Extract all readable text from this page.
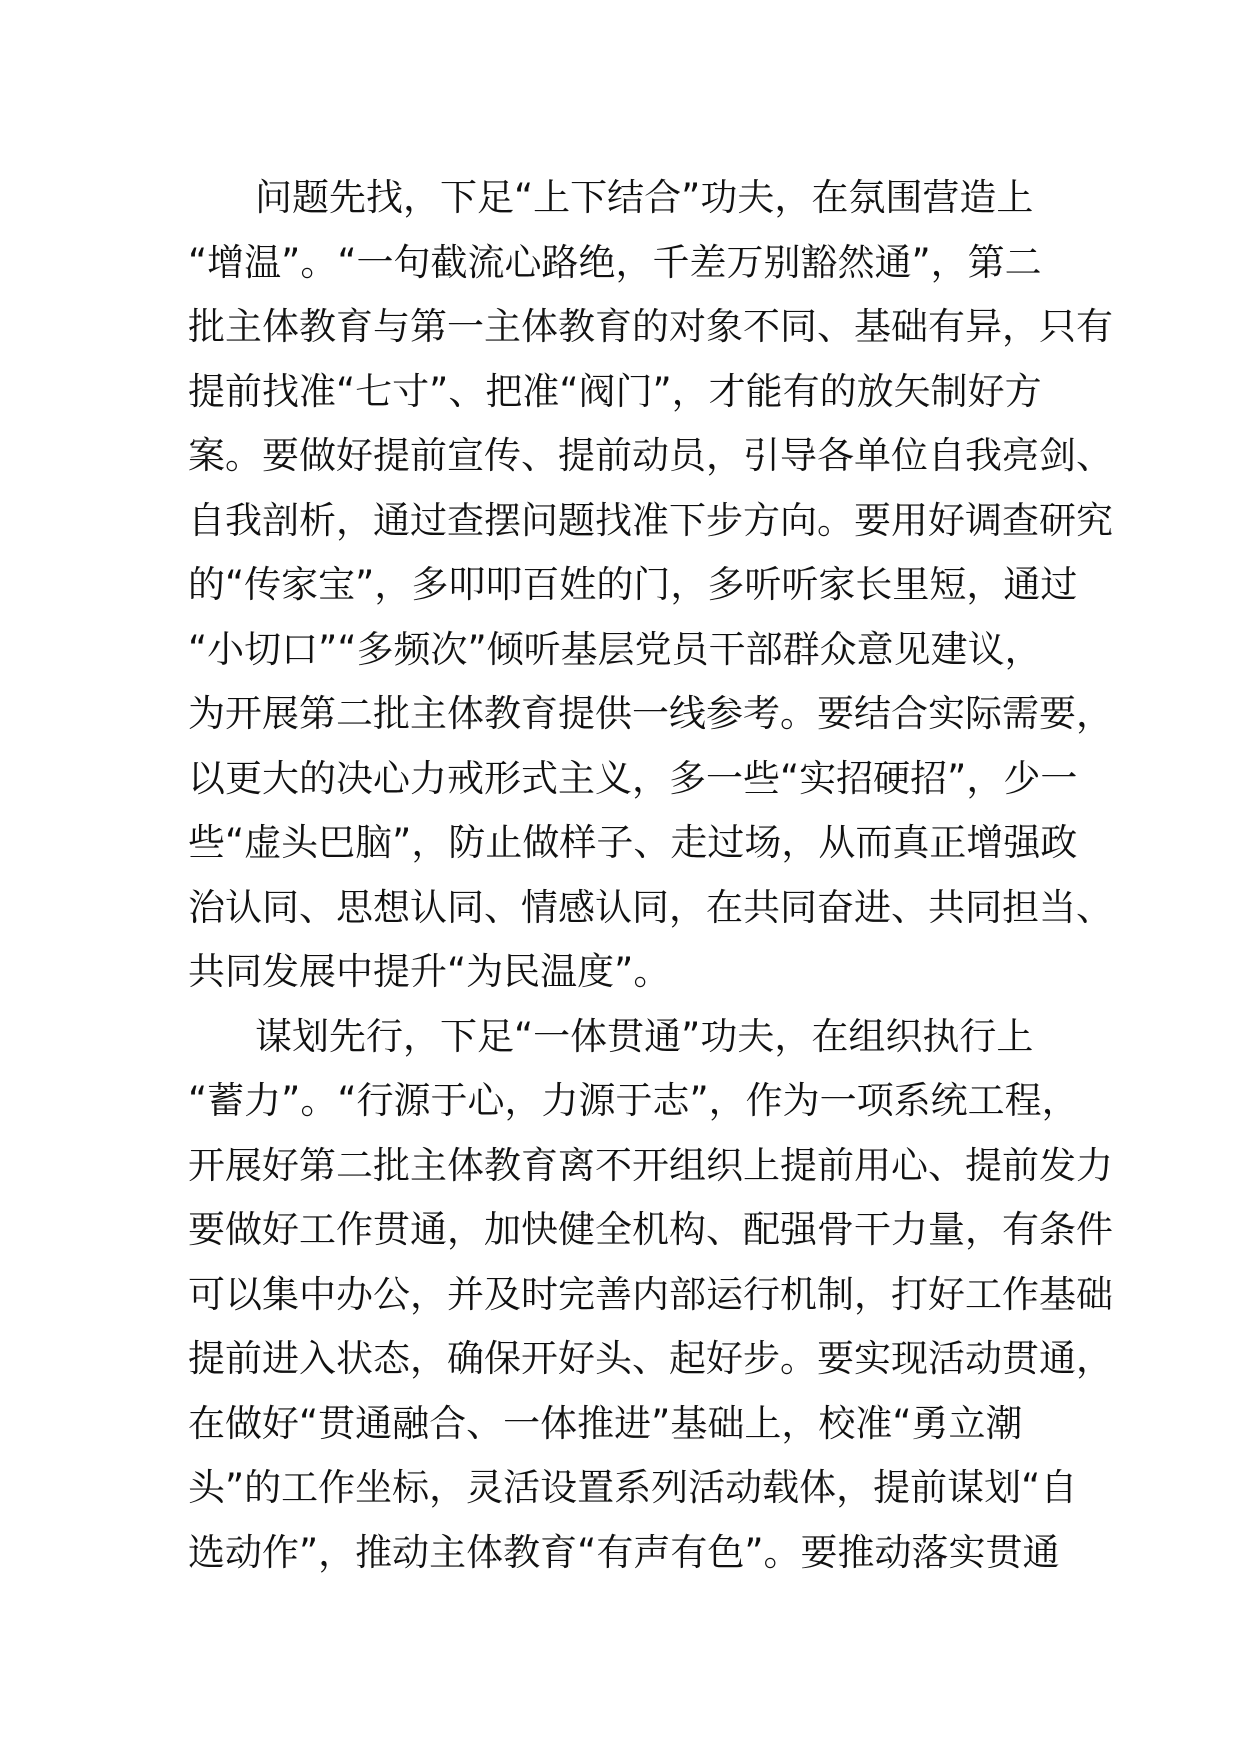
问题先找，下足“上下结合”功夫，在氛围营造上
“增温”。“一句截流心路绝，千差万别豁然通”，第二
批主体教育与第一主体教育的对象不同、基础有异，只有
提前找准“七寸”、把准“阀门”，才能有的放矢制好方
案。要做好提前宣传、提前动员，引导各单位自我亮剑、
自我剖析，通过查摆问题找准下步方向。要用好调查研究
的“传家宝”，多叩叩百姓的门，多听听家长里短，通过
“小切口”“多频次”倾听基层党员干部群众意见建议，
为开展第二批主体教育提供一线参考。要结合实际需要，
以更大的决心力戒形式主义，多一些“实招硬招”，少一
些“虚头巴脑”，防止做样子、走过场，从而真正增强政
治认同、思想认同、情感认同，在共同奋进、共同担当、
共同发展中提升“为民温度”。
谋划先行，下足“一体贯通”功夫，在组织执行上
“蓄力”。“行源于心，力源于志”，作为一项系统工程，
开展好第二批主体教育离不开组织上提前用心、提前发力
要做好工作贯通，加快健全机构、配强骨干力量，有条件
可以集中办公，并及时完善内部运行机制，打好工作基础
提前进入状态，确保开好头、起好步。要实现活动贯通，
在做好“贯通融合、一体推进”基础上，校准“勇立潮
头”的工作坐标，灵活设置系列活动载体，提前谋划“自
选动作”，推动主体教育“有声有色”。要推动落实贯通
